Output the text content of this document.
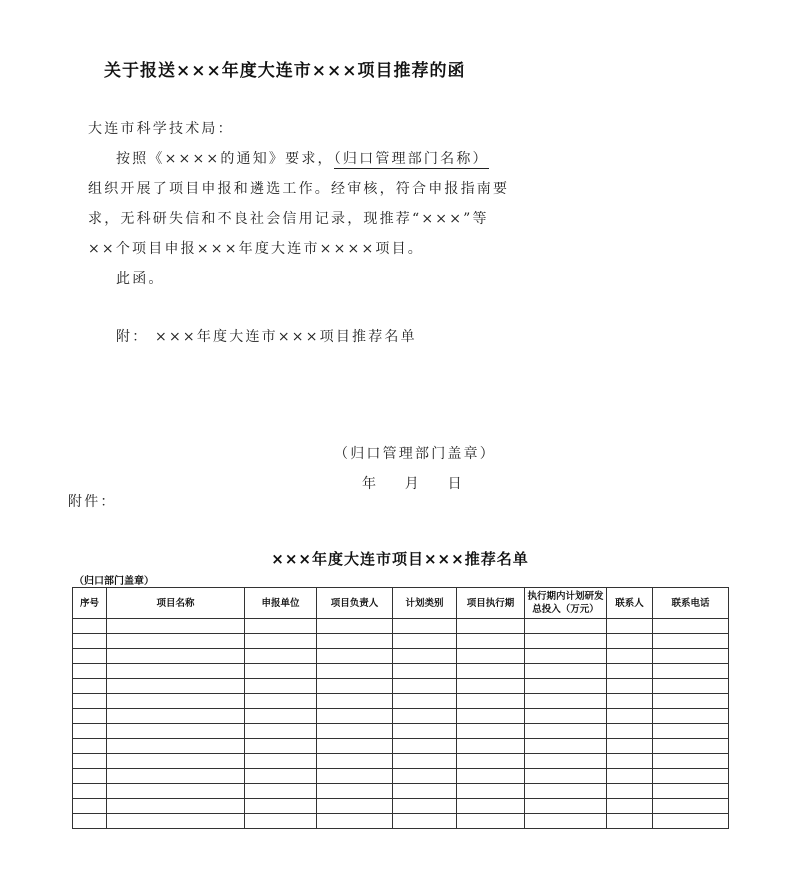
关于报送×××年度大连市×××项目推荐的函
大连市科学技术局：
按照《××××的通知》要求，（归口管理部门名称）
组织开展了项目申报和遴选工作。经审核，符合申报指南要
求，无科研失信和不良社会信用记录，现推荐“×××”等
××个项目申报×××年度大连市××××项目。
此函。
附： ×××年度大连市×××项目推荐名单
（归口管理部门盖章）
年    月    日
附件：
×××年度大连市项目×××推荐名单
（归口部门盖章）
序号	项目名称	申报单位	项目负责人	计划类别	项目执行期	执行期内计划研发总投入（万元）	联系人	联系电话
